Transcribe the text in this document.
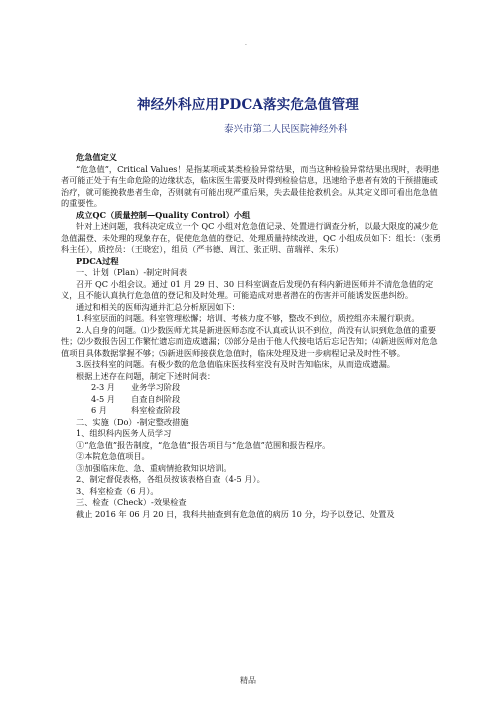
.
神经外科应用PDCA落实危急值管理
泰兴市第二人民医院神经外科

危急值定义

“危急值”，Critical Values！是指某项或某类检验异常结果，而当这种检验异常结果出现时，表明患者可能正处于有生命危险的边缘状态，临床医生需要及时得到检验信息，迅速给予患者有效的干预措施或治疗，就可能挽救患者生命，否则就有可能出现严重后果，失去最佳抢救机会。从其定义即可看出危急值的重要性。

成立QC（质量控制—Quality Control）小组

针对上述问题，我科决定成立一个 QC 小组对危急值记录、处置进行调查分析，以最大限度的减少危急值漏登、未处理的现象存在，促使危急值的登记、处理质量持续改进，QC 小组成员如下：组长：（张勇科主任），质控员：（王晓宏），组员（严书德、周江、张正明、苗瑞祥、朱乐）

PDCA过程

一、计划（Plan）-制定时间表

召开 QC 小组会议。通过 01 月 29 日、30 日科室调查后发现仍有科内新进医师并不清危急值的定义，且不能认真执行危急值的登记和及时处理。可能造成对患者潜在的伤害并可能诱发医患纠纷。

通过和相关的医师沟通并汇总分析原因如下：

1.科室层面的问题。科室管理松懈；培训、考核力度不够，整改不到位，质控组亦未履行职责。

2.人自身的问题。⑴少数医师尤其是新进医师态度不认真或认识不到位，尚没有认识到危急值的重要性；⑵少数报告因工作繁忙遗忘而造成遗漏；⑶部分是由于他人代接电话后忘记告知；⑷新进医师对危急值项目具体数据掌握不够；⑸新进医师接获危急值时，临床处理及进一步病程记录及时性不够。

3.医技科室的问题。有极少数的危急值临床医技科室没有及时告知临床，从而造成遗漏。

根据上述存在问题，制定下述时间表：

2-3 月 业务学习阶段

4-5 月 自查自纠阶段

6 月	科室检查阶段

二、实施（Do）-制定整改措施

1、组织科内医务人员学习

①“危急值”报告制度，“危急值”报告项目与“危急值”范围和报告程序。

②本院危急值项目。

③加强临床危、急、重病情抢救知识培训。

2、制定督促表格，各组员按该表格自查（4-5 月）。

3、科室检查（6 月）。

三、检查（Check）-效果检查

截止 2016 年 06 月 20 日，我科共抽查到有危急值的病历 10 分，均予以登记、处置及

精品
